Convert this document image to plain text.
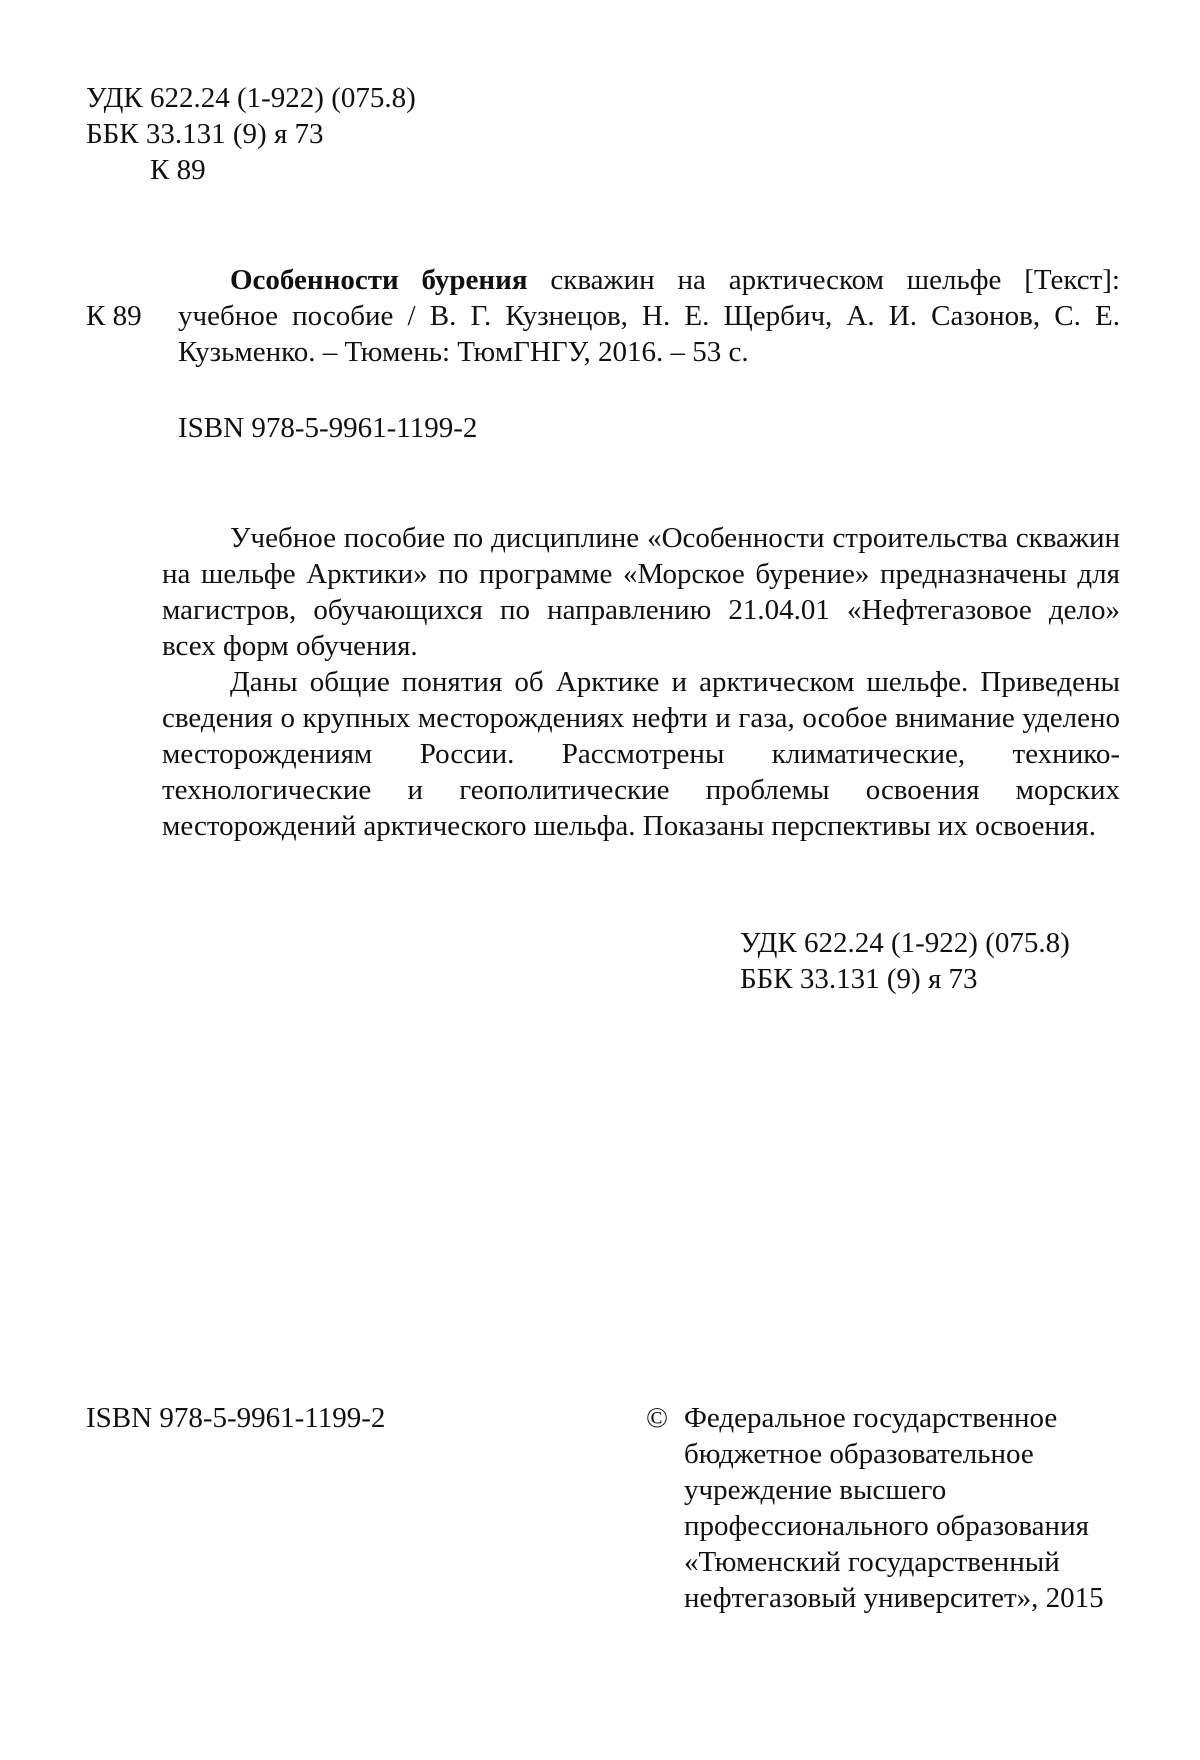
УДК 622.24 (1-922) (075.8)
ББК 33.131 (9) я 73
К 89
К 89
Особенности бурения скважин на арктическом шельфе [Текст]: учебное пособие / В. Г. Кузнецов, Н. Е. Щербич, А. И. Сазонов, С. Е. Кузьменко. – Тюмень: ТюмГНГУ, 2016. – 53 с.
ISBN 978-5-9961-1199-2

Учебное пособие по дисциплине «Особенности строительства скважин на шельфе Арктики» по программе «Морское бурение» предназначены для магистров, обучающихся по направлению 21.04.01 «Нефтегазовое дело» всех форм обучения.

Даны общие понятия об Арктике и арктическом шельфе. Приведены сведения о крупных месторождениях нефти и газа, особое внимание уделено месторождениям России. Рассмотрены климатические, технико-технологические и геополитические проблемы освоения морских месторождений арктического шельфа. Показаны перспективы их освоения.

УДК 622.24 (1-922) (075.8)
ББК 33.131 (9) я 73
ISBN 978-5-9961-1199-2	© Федеральное государственное
бюджетное образовательное
учреждение высшего
профессионального образования
«Тюменский государственный
нефтегазовый университет», 2015
